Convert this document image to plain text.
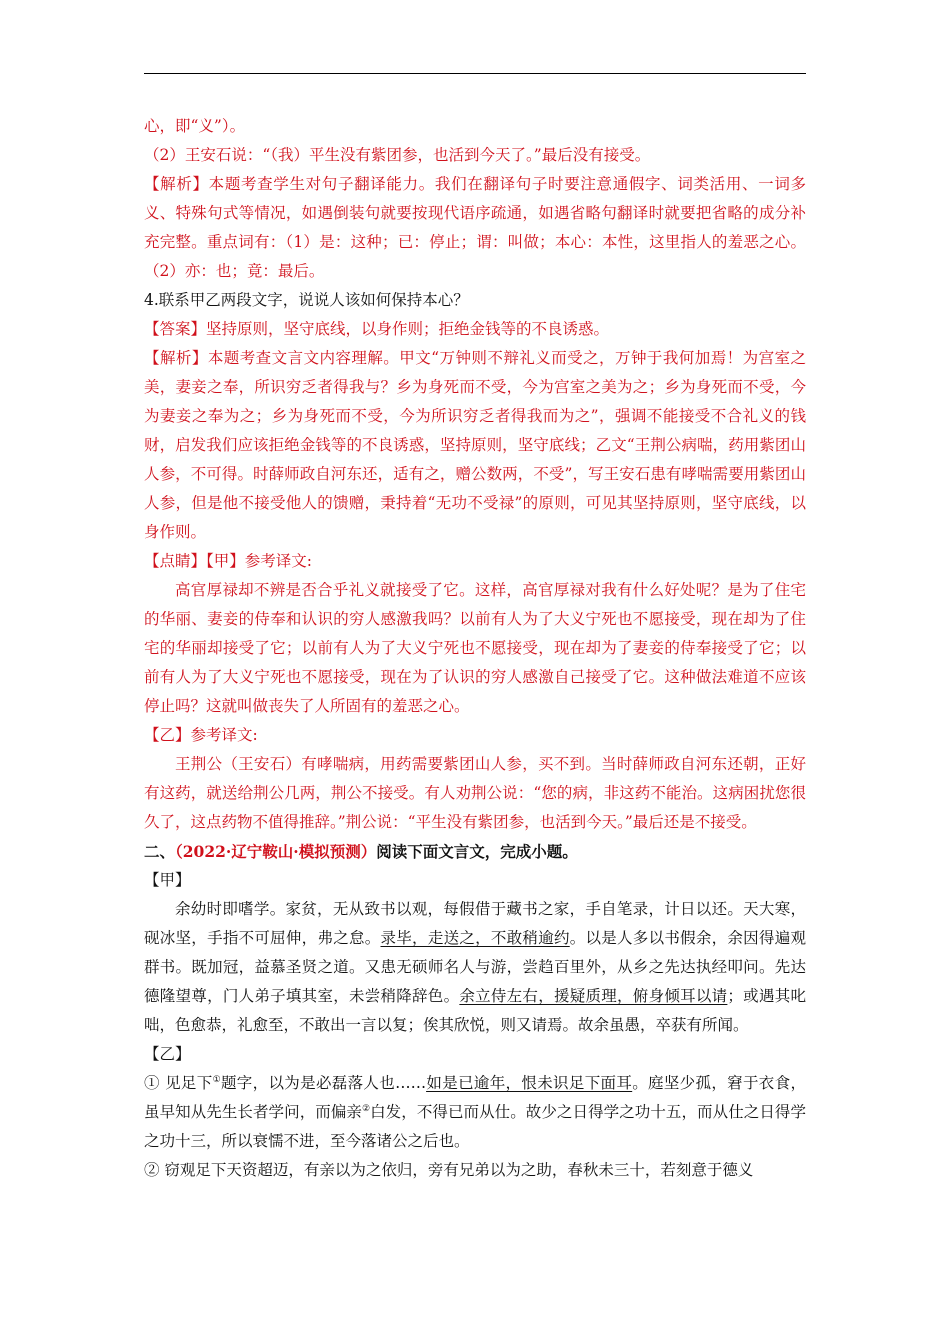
心，即“义”）。

（2）王安石说：“（我）平生没有紫团参，也活到今天了。”最后没有接受。

【解析】本题考查学生对句子翻译能力。我们在翻译句子时要注意通假字、词类活用、一词多义、特殊句式等情况，如遇倒装句就要按现代语序疏通，如遇省略句翻译时就要把省略的成分补充完整。重点词有：（1）是：这种；已：停止；谓：叫做；本心：本性，这里指人的羞恶之心。（2）亦：也；竟：最后。

4.联系甲乙两段文字，说说人该如何保持本心？

【答案】坚持原则，坚守底线，以身作则；拒绝金钱等的不良诱惑。

【解析】本题考查文言文内容理解。甲文“万钟则不辩礼义而受之，万钟于我何加焉！为宫室之美，妻妾之奉，所识穷乏者得我与？乡为身死而不受，今为宫室之美为之；乡为身死而不受，今为妻妾之奉为之；乡为身死而不受，今为所识穷乏者得我而为之”，强调不能接受不合礼义的钱财，启发我们应该拒绝金钱等的不良诱惑，坚持原则，坚守底线；乙文“王荆公病喘，药用紫团山人参，不可得。时薛师政自河东还，适有之，赠公数两，不受”，写王安石患有哮喘需要用紫团山人参，但是他不接受他人的馈赠，秉持着“无功不受禄”的原则，可见其坚持原则，坚守底线，以身作则。

【点睛】【甲】参考译文:

高官厚禄却不辨是否合乎礼义就接受了它。这样，高官厚禄对我有什么好处呢？是为了住宅的华丽、妻妾的侍奉和认识的穷人感激我吗？以前有人为了大义宁死也不愿接受，现在却为了住宅的华丽却接受了它；以前有人为了大义宁死也不愿接受，现在却为了妻妾的侍奉接受了它；以前有人为了大义宁死也不愿接受，现在为了认识的穷人感激自己接受了它。这种做法难道不应该停止吗？这就叫做丧失了人所固有的羞恶之心。

【乙】参考译文:

王荆公（王安石）有哮喘病，用药需要紫团山人参，买不到。当时薛师政自河东还朝，正好有这药，就送给荆公几两，荆公不接受。有人劝荆公说：“您的病，非这药不能治。这病困扰您很久了，这点药物不值得推辞。”荆公说：“平生没有紫团参，也活到今天。”最后还是不接受。

二、（2022·辽宁鞍山·模拟预测）阅读下面文言文，完成小题。

【甲】

余幼时即嗜学。家贫，无从致书以观，每假借于藏书之家，手自笔录，计日以还。天大寒，砚冰坚，手指不可屈伸，弗之怠。录毕，走送之，不敢稍逾约。以是人多以书假余，余因得遍观群书。既加冠，益慕圣贤之道。又患无硕师名人与游，尝趋百里外，从乡之先达执经叩问。先达德隆望尊，门人弟子填其室，未尝稍降辞色。余立侍左右，援疑质理，俯身倾耳以请；或遇其叱咄，色愈恭，礼愈至，不敢出一言以复；俟其欣悦，则又请焉。故余虽愚，卒获有所闻。

【乙】

① 见足下①题字，以为是必磊落人也……如是已逾年，恨未识足下面耳。庭坚少孤，窘于衣食，虽早知从先生长者学问，而偏亲②白发，不得已而从仕。故少之日得学之功十五，而从仕之日得学之功十三，所以衰懦不进，至今落诸公之后也。

② 窃观足下天资超迈，有亲以为之依归，旁有兄弟以为之助，春秋未三十，若刻意于德义
